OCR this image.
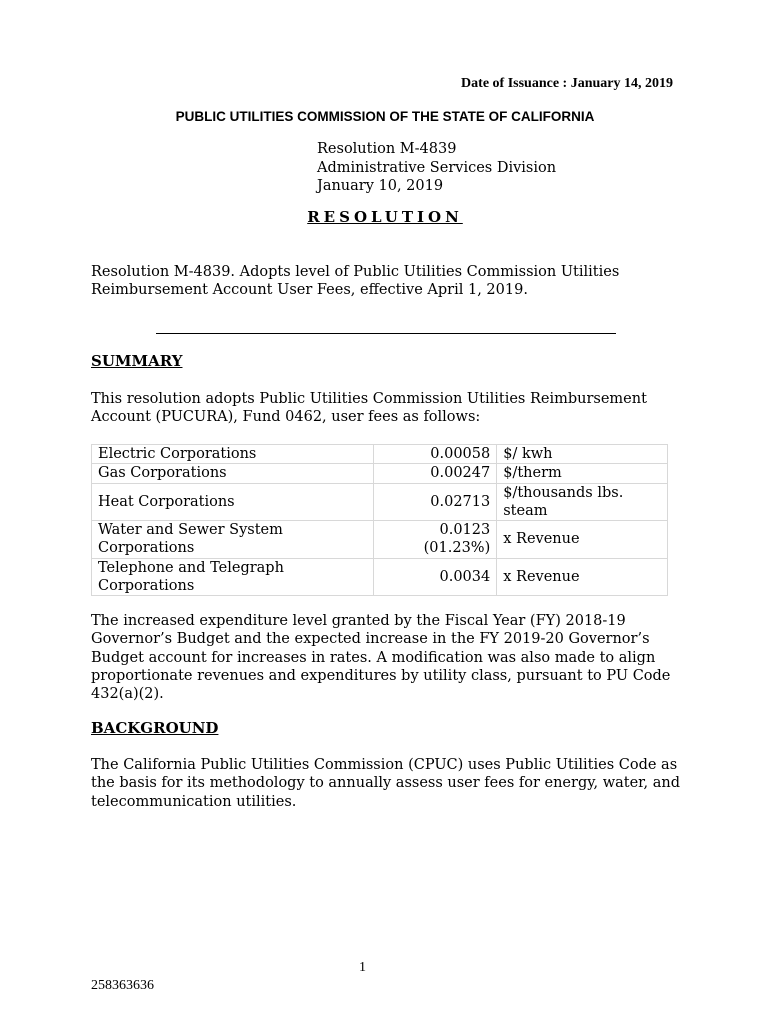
Date of Issuance : January 14, 2019
PUBLIC UTILITIES COMMISSION OF THE STATE OF CALIFORNIA
Resolution M-4839
Administrative Services Division
January 10, 2019
RESOLUTION
Resolution M-4839. Adopts level of Public Utilities Commission Utilities Reimbursement Account User Fees, effective April 1, 2019.
SUMMARY
This resolution adopts Public Utilities Commission Utilities Reimbursement Account (PUCURA), Fund 0462, user fees as follows:
Electric Corporations	0.00058	$/ kwh
Gas Corporations	0.00247	$/therm
Heat Corporations	0.02713	$/thousands lbs. steam
Water and Sewer System Corporations	0.0123 (01.23%)	x Revenue
Telephone and Telegraph Corporations	0.0034	x Revenue
The increased expenditure level granted by the Fiscal Year (FY) 2018-19 Governor’s Budget and the expected increase in the FY 2019-20 Governor’s Budget account for increases in rates. A modification was also made to align proportionate revenues and expenditures by utility class, pursuant to PU Code 432(a)(2).
BACKGROUND
The California Public Utilities Commission (CPUC) uses Public Utilities Code as the basis for its methodology to annually assess user fees for energy, water, and telecommunication utilities.
1
258363636
